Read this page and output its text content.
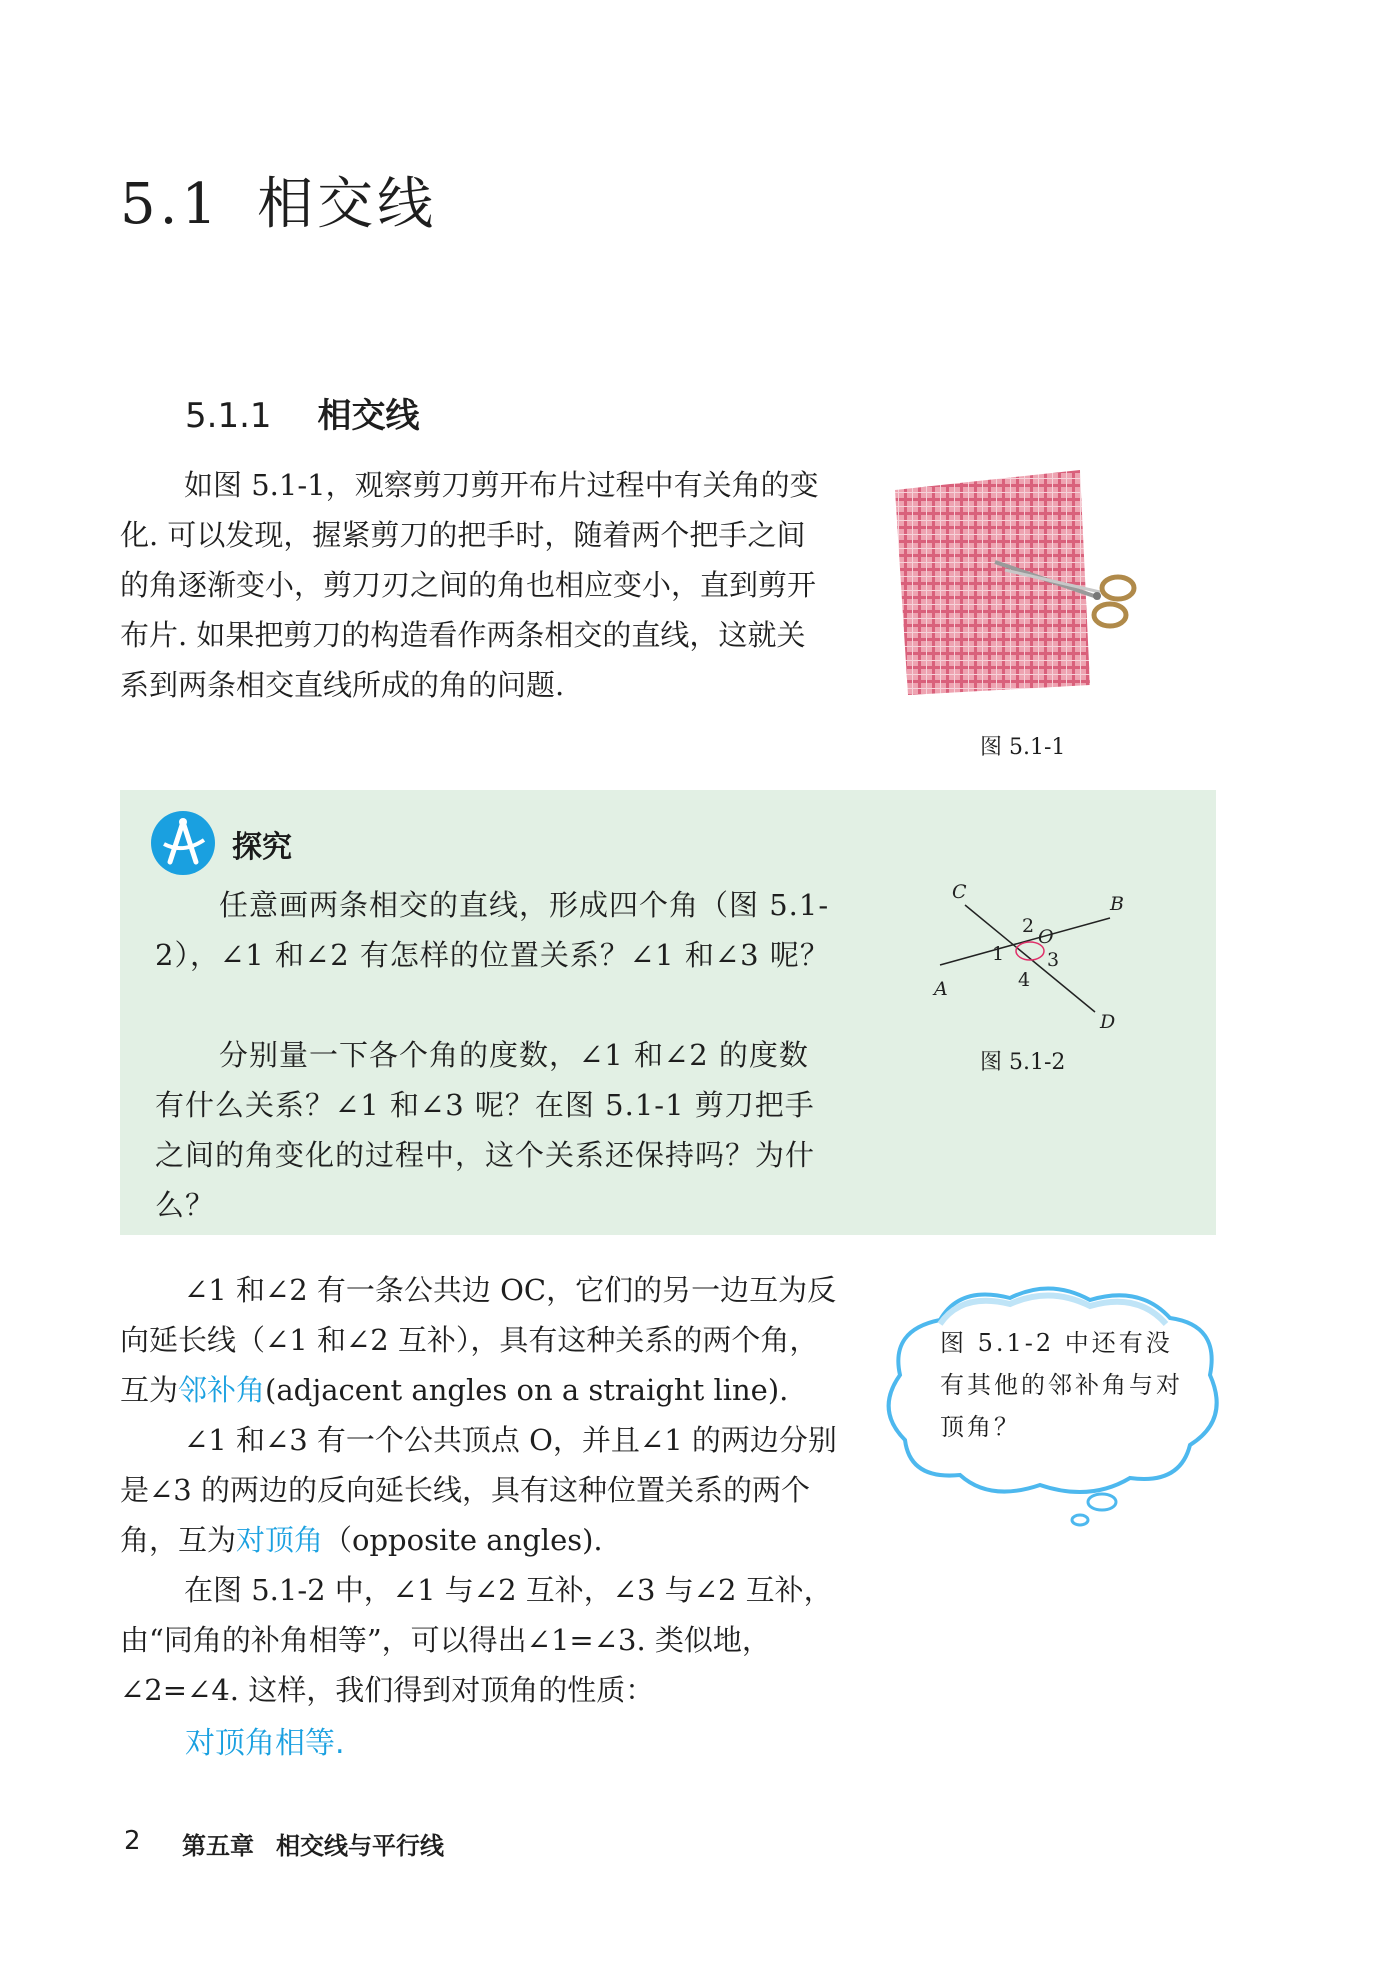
5.1 相交线
5.1.1 相交线

如图 5.1-1，观察剪刀剪开布片过程中有关角的变化. 可以发现，握紧剪刀的把手时，随着两个把手之间的角逐渐变小，剪刀刃之间的角也相应变小，直到剪开布片. 如果把剪刀的构造看作两条相交的直线，这就关系到两条相交直线所成的角的问题.

图 5.1-1
探究

任意画两条相交的直线，形成四个角（图 5.1-2），∠1 和∠2 有怎样的位置关系？∠1 和∠3 呢？

分别量一下各个角的度数，∠1 和∠2 的度数有什么关系？∠1 和∠3 呢？在图 5.1-1 剪刀把手之间的角变化的过程中，这个关系还保持吗？为什么？

C
B
A
D
O
2
1 3
4
图 5.1-2

∠1 和∠2 有一条公共边 OC，它们的另一边互为反向延长线（∠1 和∠2 互补），具有这种关系的两个角，互为邻补角(adjacent angles on a straight line).

∠1 和∠3 有一个公共顶点 O，并且∠1 的两边分别是∠3 的两边的反向延长线，具有这种位置关系的两个角，互为对顶角（opposite angles).

在图 5.1-2 中，∠1 与∠2 互补，∠3 与∠2 互补，由“同角的补角相等”，可以得出∠1=∠3. 类似地，∠2=∠4. 这样，我们得到对顶角的性质：

对顶角相等.

图 5.1-2 中还有没有其他的邻补角与对顶角？

2 第五章 相交线与平行线
